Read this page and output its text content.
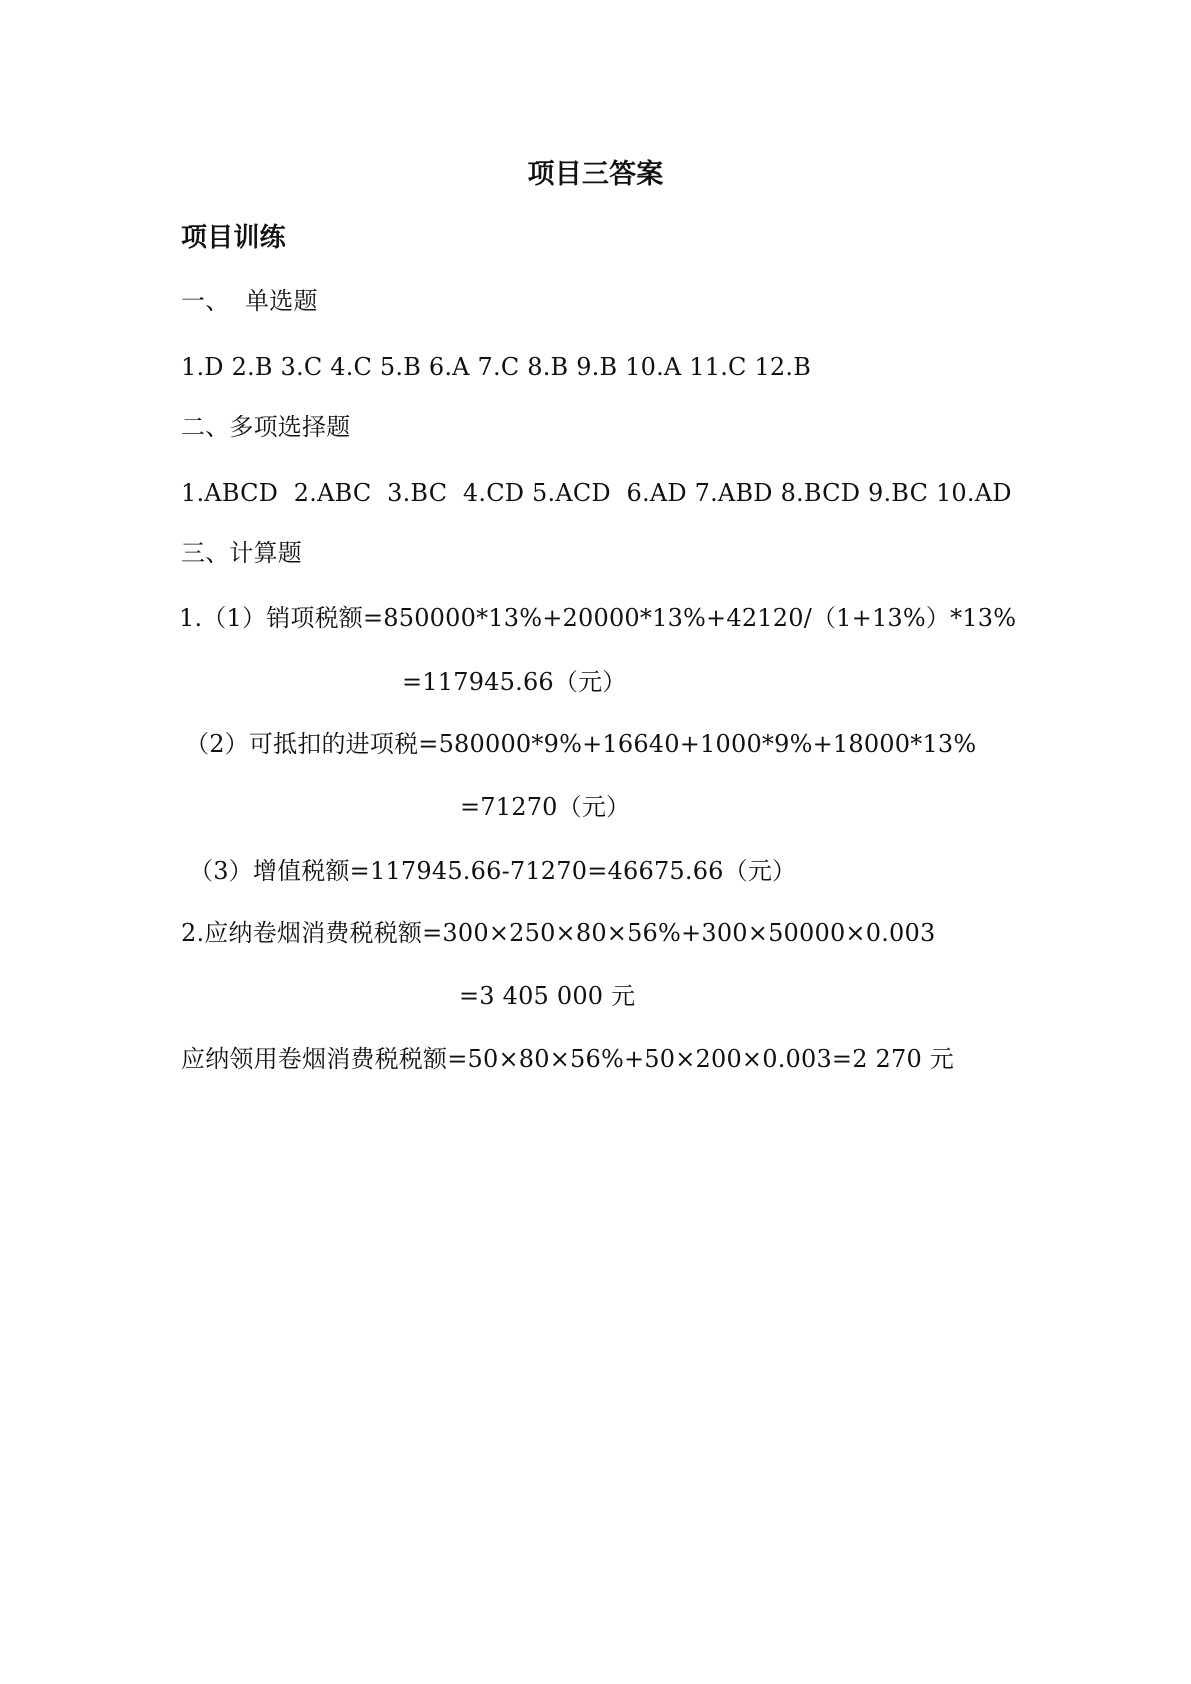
项目三答案
项目训练
一、  单选题
1.D 2.B 3.C 4.C 5.B 6.A 7.C 8.B 9.B 10.A 11.C 12.B
二、多项选择题
1.ABCD  2.ABC  3.BC  4.CD 5.ACD  6.AD 7.ABD 8.BCD 9.BC 10.AD
三、计算题
1.（1）销项税额=850000*13%+20000*13%+42120/（1+13%）*13%
=117945.66（元）
（2）可抵扣的进项税=580000*9%+16640+1000*9%+18000*13%
=71270（元）
（3）增值税额=117945.66-71270=46675.66（元）
2.应纳卷烟消费税税额=300×250×80×56%+300×50000×0.003
=3 405 000 元
应纳领用卷烟消费税税额=50×80×56%+50×200×0.003=2 270 元
